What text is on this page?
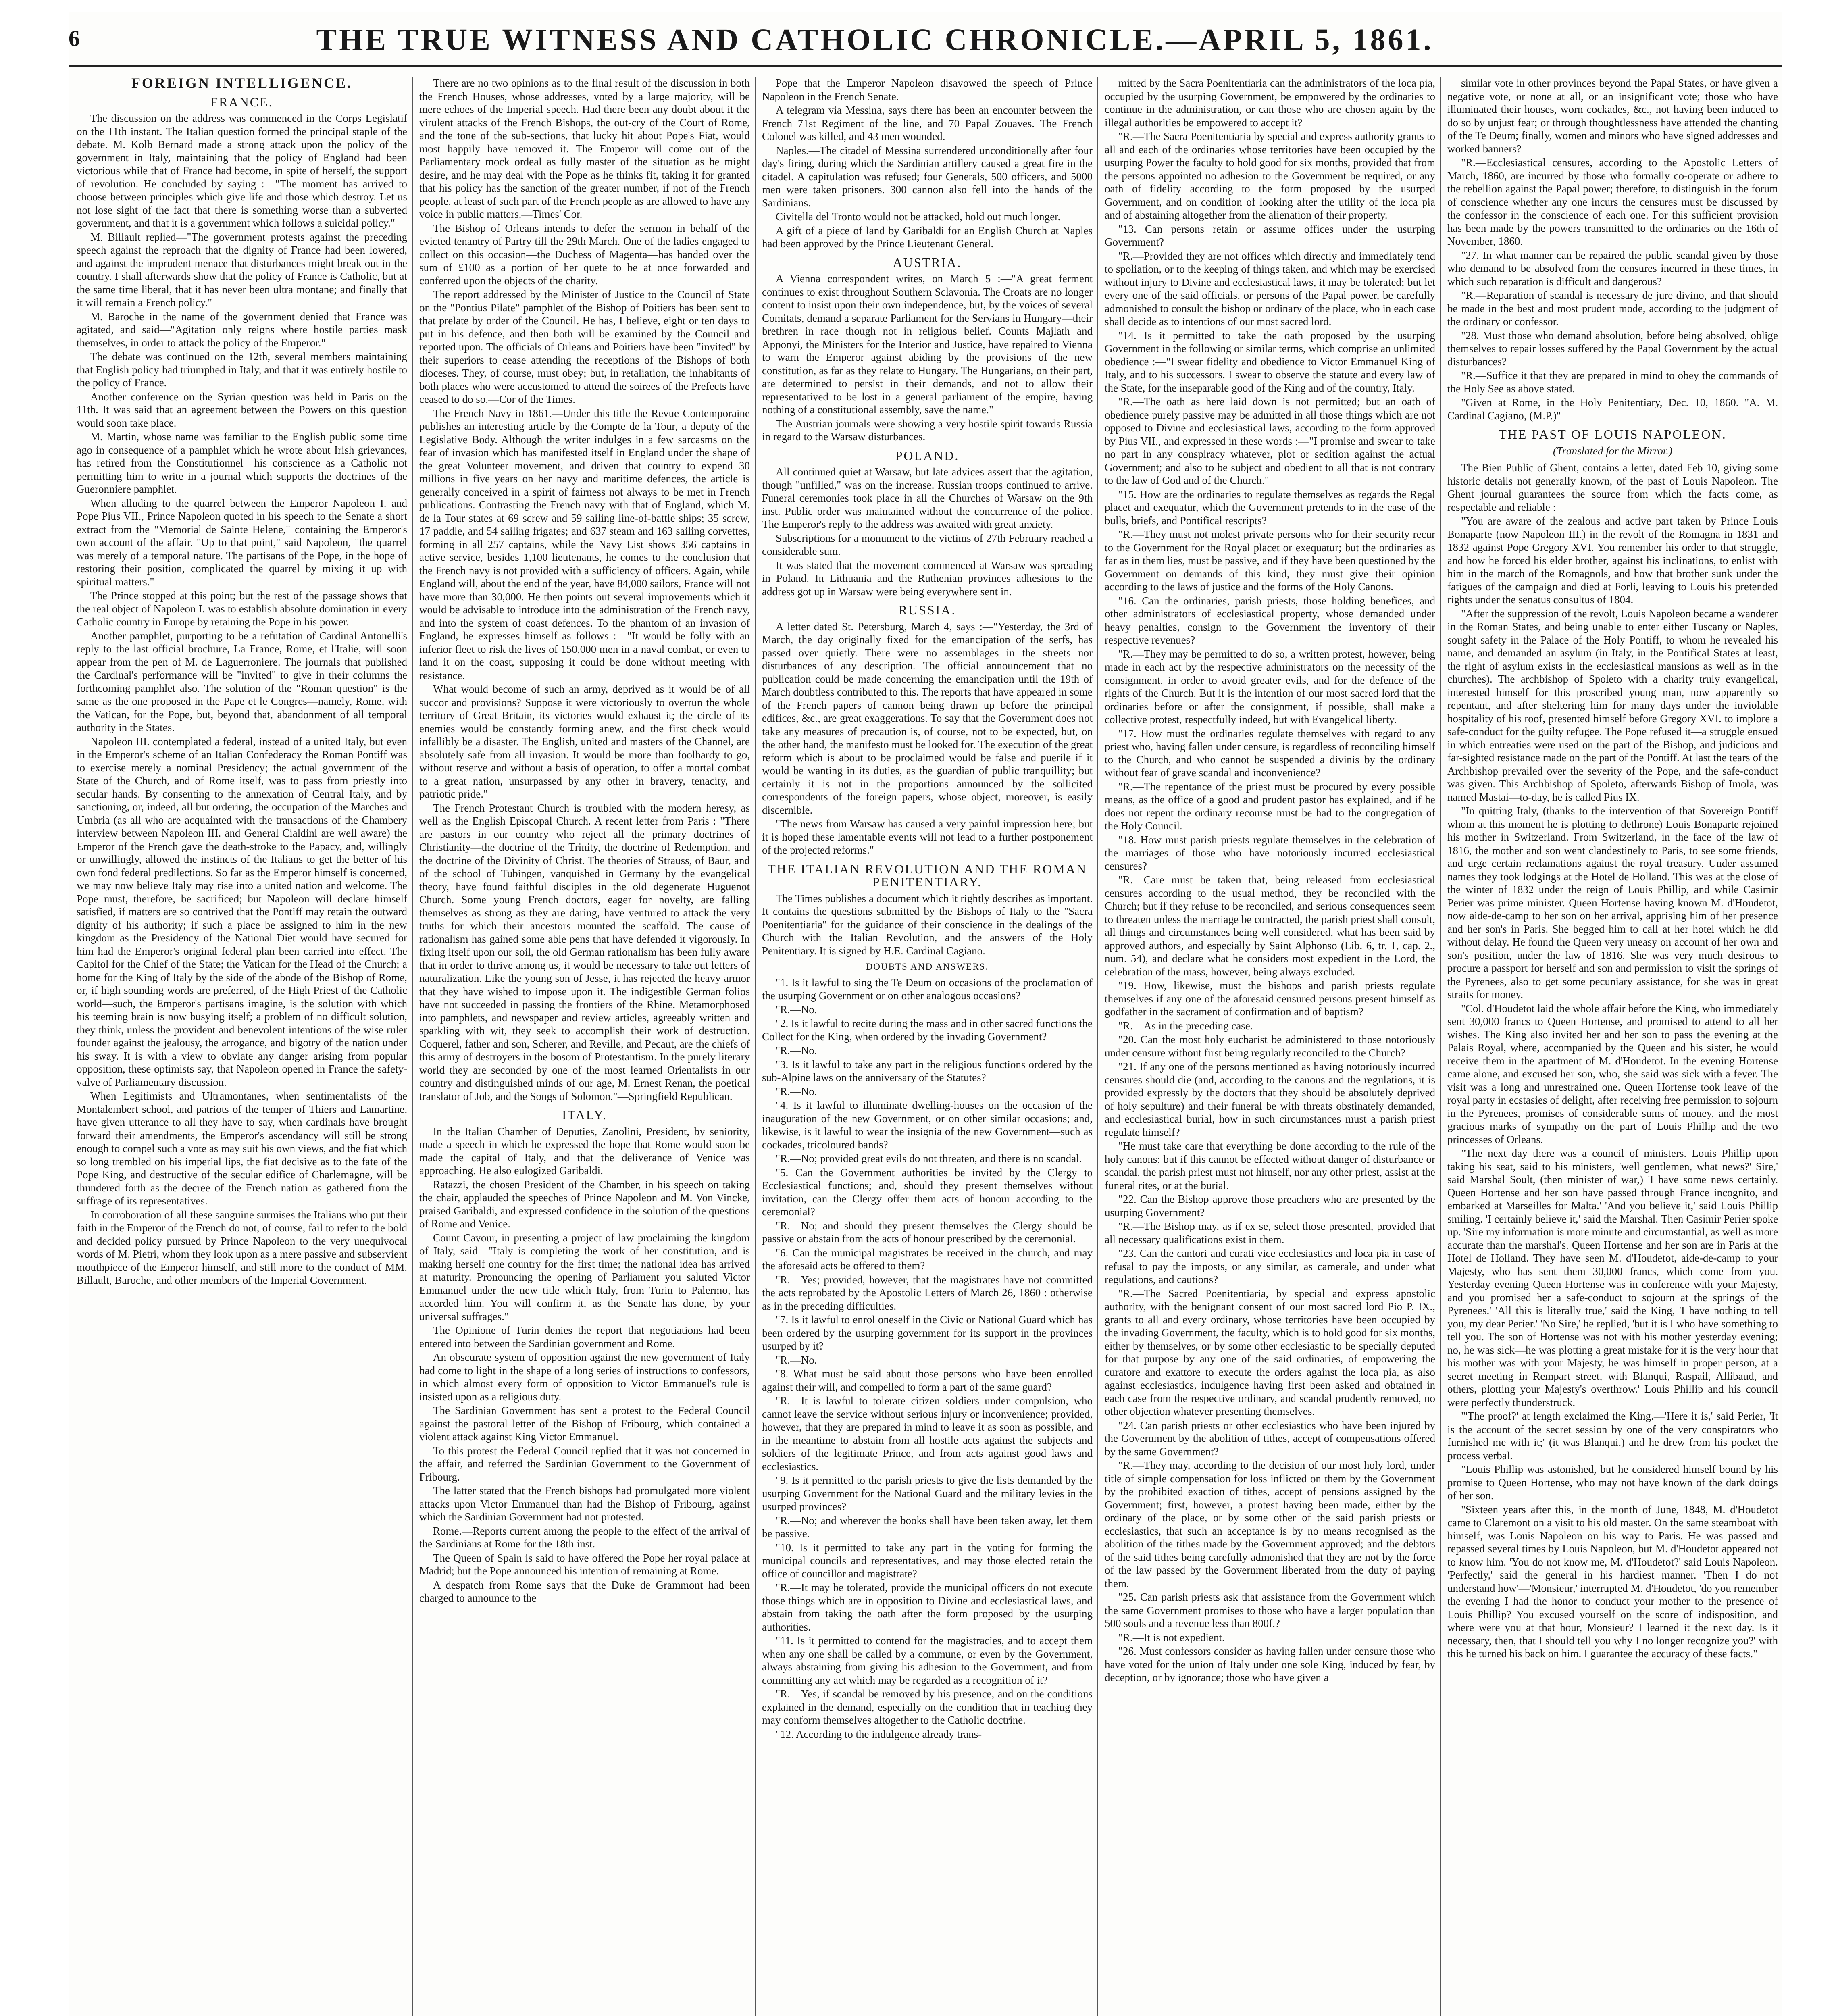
6	THE TRUE WITNESS AND CATHOLIC CHRONICLE.—APRIL 5, 1861.
FOREIGN INTELLIGENCE.
FRANCE.

The discussion on the address was commenced in the Corps Legislatif on the 11th instant. The Italian question formed the principal staple of the debate. M. Kolb Bernard made a strong attack upon the policy of the government in Italy, maintaining that the policy of England had been victorious while that of France had become, in spite of herself, the support of revolution. He concluded by saying :—"The moment has arrived to choose between principles which give life and those which destroy. Let us not lose sight of the fact that there is something worse than a subverted government, and that it is a government which follows a suicidal policy."

M. Billault replied—"The government protests against the preceding speech against the reproach that the dignity of France had been lowered, and against the imprudent menace that disturbances might break out in the country. I shall afterwards show that the policy of France is Catholic, but at the same time liberal, that it has never been ultra montane; and finally that it will remain a French policy."

M. Baroche in the name of the government denied that France was agitated, and said—"Agitation only reigns where hostile parties mask themselves, in order to attack the policy of the Emperor."

The debate was continued on the 12th, several members maintaining that English policy had triumphed in Italy, and that it was entirely hostile to the policy of France.

Another conference on the Syrian question was held in Paris on the 11th. It was said that an agreement between the Powers on this question would soon take place.

M. Martin, whose name was familiar to the English public some time ago in consequence of a pamphlet which he wrote about Irish grievances, has retired from the Constitutionnel—his conscience as a Catholic not permitting him to write in a journal which supports the doctrines of the Gueronniere pamphlet.

When alluding to the quarrel between the Emperor Napoleon I. and Pope Pius VII., Prince Napoleon quoted in his speech to the Senate a short extract from the "Memorial de Sainte Helene," containing the Emperor's own account of the affair. "Up to that point," said Napoleon, "the quarrel was merely of a temporal nature. The partisans of the Pope, in the hope of restoring their position, complicated the quarrel by mixing it up with spiritual matters."

The Prince stopped at this point; but the rest of the passage shows that the real object of Napoleon I. was to establish absolute domination in every Catholic country in Europe by retaining the Pope in his power.

Another pamphlet, purporting to be a refutation of Cardinal Antonelli's reply to the last official brochure, La France, Rome, et l'Italie, will soon appear from the pen of M. de Laguerroniere. The journals that published the Cardinal's performance will be "invited" to give in their columns the forthcoming pamphlet also. The solution of the "Roman question" is the same as the one proposed in the Pape et le Congres—namely, Rome, with the Vatican, for the Pope, but, beyond that, abandonment of all temporal authority in the States.

Napoleon III. contemplated a federal, instead of a united Italy, but even in the Emperor's scheme of an Italian Confederacy the Roman Pontiff was to exercise merely a nominal Presidency; the actual government of the State of the Church, and of Rome itself, was to pass from priestly into secular hands. By consenting to the annexation of Central Italy, and by sanctioning, or, indeed, all but ordering, the occupation of the Marches and Umbria (as all who are acquainted with the transactions of the Chambery interview between Napoleon III. and General Cialdini are well aware) the Emperor of the French gave the death-stroke to the Papacy, and, willingly or unwillingly, allowed the instincts of the Italians to get the better of his own fond federal predilections. So far as the Emperor himself is concerned, we may now believe Italy may rise into a united nation and welcome. The Pope must, therefore, be sacrificed; but Napoleon will declare himself satisfied, if matters are so contrived that the Pontiff may retain the outward dignity of his authority; if such a place be assigned to him in the new kingdom as the Presidency of the National Diet would have secured for him had the Emperor's original federal plan been carried into effect. The Capitol for the Chief of the State; the Vatican for the Head of the Church; a home for the King of Italy by the side of the abode of the Bishop of Rome, or, if high sounding words are preferred, of the High Priest of the Catholic world—such, the Emperor's partisans imagine, is the solution with which his teeming brain is now busying itself; a problem of no difficult solution, they think, unless the provident and benevolent intentions of the wise ruler founder against the jealousy, the arrogance, and bigotry of the nation under his sway. It is with a view to obviate any danger arising from popular opposition, these optimists say, that Napoleon opened in France the safety-valve of Parliamentary discussion.

When Legitimists and Ultramontanes, when sentimentalists of the Montalembert school, and patriots of the temper of Thiers and Lamartine, have given utterance to all they have to say, when cardinals have brought forward their amendments, the Emperor's ascendancy will still be strong enough to compel such a vote as may suit his own views, and the fiat which so long trembled on his imperial lips, the fiat decisive as to the fate of the Pope King, and destructive of the secular edifice of Charlemagne, will be thundered forth as the decree of the French nation as gathered from the suffrage of its representatives.

In corroboration of all these sanguine surmises the Italians who put their faith in the Emperor of the French do not, of course, fail to refer to the bold and decided policy pursued by Prince Napoleon to the very unequivocal words of M. Pietri, whom they look upon as a mere passive and subservient mouthpiece of the Emperor himself, and still more to the conduct of MM. Billault, Baroche, and other members of the Imperial Government.

There are no two opinions as to the final result of the discussion in both the French Houses, whose addresses, voted by a large majority, will be mere echoes of the Imperial speech. Had there been any doubt about it the virulent attacks of the French Bishops, the out-cry of the Court of Rome, and the tone of the sub-sections, that lucky hit about Pope's Fiat, would most happily have removed it. The Emperor will come out of the Parliamentary mock ordeal as fully master of the situation as he might desire, and he may deal with the Pope as he thinks fit, taking it for granted that his policy has the sanction of the greater number, if not of the French people, at least of such part of the French people as are allowed to have any voice in public matters.—Times' Cor.

The Bishop of Orleans intends to defer the sermon in behalf of the evicted tenantry of Partry till the 29th March. One of the ladies engaged to collect on this occasion—the Duchess of Magenta—has handed over the sum of £100 as a portion of her quete to be at once forwarded and conferred upon the objects of the charity.

The report addressed by the Minister of Justice to the Council of State on the "Pontius Pilate" pamphlet of the Bishop of Poitiers has been sent to that prelate by order of the Council. He has, I believe, eight or ten days to put in his defence, and then both will be examined by the Council and reported upon. The officials of Orleans and Poitiers have been "invited" by their superiors to cease attending the receptions of the Bishops of both dioceses. They, of course, must obey; but, in retaliation, the inhabitants of both places who were accustomed to attend the soirees of the Prefects have ceased to do so.—Cor of the Times.

The French Navy in 1861.—Under this title the Revue Contemporaine publishes an interesting article by the Compte de la Tour, a deputy of the Legislative Body. Although the writer indulges in a few sarcasms on the fear of invasion which has manifested itself in England under the shape of the great Volunteer movement, and driven that country to expend 30 millions in five years on her navy and maritime defences, the article is generally conceived in a spirit of fairness not always to be met in French publications. Contrasting the French navy with that of England, which M. de la Tour states at 69 screw and 59 sailing line-of-battle ships; 35 screw, 17 paddle, and 54 sailing frigates; and 637 steam and 163 sailing corvettes, forming in all 257 captains, while the Navy List shows 356 captains in active service, besides 1,100 lieutenants, he comes to the conclusion that the French navy is not provided with a sufficiency of officers. Again, while England will, about the end of the year, have 84,000 sailors, France will not have more than 30,000. He then points out several improvements which it would be advisable to introduce into the administration of the French navy, and into the system of coast defences. To the phantom of an invasion of England, he expresses himself as follows :—"It would be folly with an inferior fleet to risk the lives of 150,000 men in a naval combat, or even to land it on the coast, supposing it could be done without meeting with resistance.

What would become of such an army, deprived as it would be of all succor and provisions? Suppose it were victoriously to overrun the whole territory of Great Britain, its victories would exhaust it; the circle of its enemies would be constantly forming anew, and the first check would infallibly be a disaster. The English, united and masters of the Channel, are absolutely safe from all invasion. It would be more than foolhardy to go, without reserve and without a basis of operation, to offer a mortal combat to a great nation, unsurpassed by any other in bravery, tenacity, and patriotic pride."

The French Protestant Church is troubled with the modern heresy, as well as the English Episcopal Church. A recent letter from Paris : "There are pastors in our country who reject all the primary doctrines of Christianity—the doctrine of the Trinity, the doctrine of Redemption, and the doctrine of the Divinity of Christ. The theories of Strauss, of Baur, and of the school of Tubingen, vanquished in Germany by the evangelical theory, have found faithful disciples in the old degenerate Huguenot Church. Some young French doctors, eager for novelty, are falling themselves as strong as they are daring, have ventured to attack the very truths for which their ancestors mounted the scaffold. The cause of rationalism has gained some able pens that have defended it vigorously. In fixing itself upon our soil, the old German rationalism has been fully aware that in order to thrive among us, it would be necessary to take out letters of naturalization. Like the young son of Jesse, it has rejected the heavy armor that they have wished to impose upon it. The indigestible German folios have not succeeded in passing the frontiers of the Rhine. Metamorphosed into pamphlets, and newspaper and review articles, agreeably written and sparkling with wit, they seek to accomplish their work of destruction. Coquerel, father and son, Scherer, and Reville, and Pecaut, are the chiefs of this army of destroyers in the bosom of Protestantism. In the purely literary world they are seconded by one of the most learned Orientalists in our country and distinguished minds of our age, M. Ernest Renan, the poetical translator of Job, and the Songs of Solomon."—Springfield Republican.

ITALY.

In the Italian Chamber of Deputies, Zanolini, President, by seniority, made a speech in which he expressed the hope that Rome would soon be made the capital of Italy, and that the deliverance of Venice was approaching. He also eulogized Garibaldi.

Ratazzi, the chosen President of the Chamber, in his speech on taking the chair, applauded the speeches of Prince Napoleon and M. Von Vincke, praised Garibaldi, and expressed confidence in the solution of the questions of Rome and Venice.

Count Cavour, in presenting a project of law proclaiming the kingdom of Italy, said—"Italy is completing the work of her constitution, and is making herself one country for the first time; the national idea has arrived at maturity. Pronouncing the opening of Parliament you saluted Victor Emmanuel under the new title which Italy, from Turin to Palermo, has accorded him. You will confirm it, as the Senate has done, by your universal suffrages."

The Opinione of Turin denies the report that negotiations had been entered into between the Sardinian government and Rome.

An obscurate system of opposition against the new government of Italy had come to light in the shape of a long series of instructions to confessors, in which almost every form of opposition to Victor Emmanuel's rule is insisted upon as a religious duty.

The Sardinian Government has sent a protest to the Federal Council against the pastoral letter of the Bishop of Fribourg, which contained a violent attack against King Victor Emmanuel.

To this protest the Federal Council replied that it was not concerned in the affair, and referred the Sardinian Government to the Government of Fribourg.

The latter stated that the French bishops had promulgated more violent attacks upon Victor Emmanuel than had the Bishop of Fribourg, against which the Sardinian Government had not protested.

Rome.—Reports current among the people to the effect of the arrival of the Sardinians at Rome for the 18th inst.

The Queen of Spain is said to have offered the Pope her royal palace at Madrid; but the Pope announced his intention of remaining at Rome.

A despatch from Rome says that the Duke de Grammont had been charged to announce to the

Pope that the Emperor Napoleon disavowed the speech of Prince Napoleon in the French Senate.

A telegram via Messina, says there has been an encounter between the French 71st Regiment of the line, and 70 Papal Zouaves. The French Colonel was killed, and 43 men wounded.

Naples.—The citadel of Messina surrendered unconditionally after four day's firing, during which the Sardinian artillery caused a great fire in the citadel. A capitulation was refused; four Generals, 500 officers, and 5000 men were taken prisoners. 300 cannon also fell into the hands of the Sardinians.

Civitella del Tronto would not be attacked, hold out much longer.

A gift of a piece of land by Garibaldi for an English Church at Naples had been approved by the Prince Lieutenant General.

AUSTRIA.

A Vienna correspondent writes, on March 5 :—"A great ferment continues to exist throughout Southern Sclavonia. The Croats are no longer content to insist upon their own independence, but, by the voices of several Comitats, demand a separate Parliament for the Servians in Hungary—their brethren in race though not in religious belief. Counts Majlath and Apponyi, the Ministers for the Interior and Justice, have repaired to Vienna to warn the Emperor against abiding by the provisions of the new constitution, as far as they relate to Hungary. The Hungarians, on their part, are determined to persist in their demands, and not to allow their representatived to be lost in a general parliament of the empire, having nothing of a constitutional assembly, save the name."

The Austrian journals were showing a very hostile spirit towards Russia in regard to the Warsaw disturbances.

POLAND.

All continued quiet at Warsaw, but late advices assert that the agitation, though "unfilled," was on the increase. Russian troops continued to arrive. Funeral ceremonies took place in all the Churches of Warsaw on the 9th inst. Public order was maintained without the concurrence of the police. The Emperor's reply to the address was awaited with great anxiety.

Subscriptions for a monument to the victims of 27th February reached a considerable sum.

It was stated that the movement commenced at Warsaw was spreading in Poland. In Lithuania and the Ruthenian provinces adhesions to the address got up in Warsaw were being everywhere sent in.

RUSSIA.

A letter dated St. Petersburg, March 4, says :—"Yesterday, the 3rd of March, the day originally fixed for the emancipation of the serfs, has passed over quietly. There were no assemblages in the streets nor disturbances of any description. The official announcement that no publication could be made concerning the emancipation until the 19th of March doubtless contributed to this. The reports that have appeared in some of the French papers of cannon being drawn up before the principal edifices, &c., are great exaggerations. To say that the Government does not take any measures of precaution is, of course, not to be expected, but, on the other hand, the manifesto must be looked for. The execution of the great reform which is about to be proclaimed would be false and puerile if it would be wanting in its duties, as the guardian of public tranquillity; but certainly it is not in the proportions announced by the sollicited correspondents of the foreign papers, whose object, moreover, is easily discernible.

"The news from Warsaw has caused a very painful impression here; but it is hoped these lamentable events will not lead to a further postponement of the projected reforms."

THE ITALIAN REVOLUTION AND THE ROMAN PENITENTIARY.

The Times publishes a document which it rightly describes as important. It contains the questions submitted by the Bishops of Italy to the "Sacra Poenitentiaria" for the guidance of their conscience in the dealings of the Church with the Italian Revolution, and the answers of the Holy Penitentiary. It is signed by H.E. Cardinal Cagiano.

DOUBTS AND ANSWERS.

"1. Is it lawful to sing the Te Deum on occasions of the proclamation of the usurping Government or on other analogous occasions?

"R.—No.

"2. Is it lawful to recite during the mass and in other sacred functions the Collect for the King, when ordered by the invading Government?

"R.—No.

"3. Is it lawful to take any part in the religious functions ordered by the sub-Alpine laws on the anniversary of the Statutes?

"R.—No.

"4. Is it lawful to illuminate dwelling-houses on the occasion of the inauguration of the new Government, or on other similar occasions; and, likewise, is it lawful to wear the insignia of the new Government—such as cockades, tricoloured bands?

"R.—No; provided great evils do not threaten, and there is no scandal.

"5. Can the Government authorities be invited by the Clergy to Ecclesiastical functions; and, should they present themselves without invitation, can the Clergy offer them acts of honour according to the ceremonial?

"R.—No; and should they present themselves the Clergy should be passive or abstain from the acts of honour prescribed by the ceremonial.

"6. Can the municipal magistrates be received in the church, and may the aforesaid acts be offered to them?

"R.—Yes; provided, however, that the magistrates have not committed the acts reprobated by the Apostolic Letters of March 26, 1860 : otherwise as in the preceding difficulties.

"7. Is it lawful to enrol oneself in the Civic or National Guard which has been ordered by the usurping government for its support in the provinces usurped by it?

"R.—No.

"8. What must be said about those persons who have been enrolled against their will, and compelled to form a part of the same guard?

"R.—It is lawful to tolerate citizen soldiers under compulsion, who cannot leave the service without serious injury or inconvenience; provided, however, that they are prepared in mind to leave it as soon as possible, and in the meantime to abstain from all hostile acts against the subjects and soldiers of the legitimate Prince, and from acts against good laws and ecclesiastics.

"9. Is it permitted to the parish priests to give the lists demanded by the usurping Government for the National Guard and the military levies in the usurped provinces?

"R.—No; and wherever the books shall have been taken away, let them be passive.

"10. Is it permitted to take any part in the voting for forming the municipal councils and representatives, and may those elected retain the office of councillor and magistrate?

"R.—It may be tolerated, provide the municipal officers do not execute those things which are in opposition to Divine and ecclesiastical laws, and abstain from taking the oath after the form proposed by the usurping authorities.

"11. Is it permitted to contend for the magistracies, and to accept them when any one shall be called by a commune, or even by the Government, always abstaining from giving his adhesion to the Government, and from committing any act which may be regarded as a recognition of it?

"R.—Yes, if scandal be removed by his presence, and on the conditions explained in the demand, especially on the condition that in teaching they may conform themselves altogether to the Catholic doctrine.

"12. According to the indulgence already trans-

mitted by the Sacra Poenitentiaria can the administrators of the loca pia, occupied by the usurping Government, be empowered by the ordinaries to continue in the administration, or can those who are chosen again by the illegal authorities be empowered to accept it?

"R.—The Sacra Poenitentiaria by special and express authority grants to all and each of the ordinaries whose territories have been occupied by the usurping Power the faculty to hold good for six months, provided that from the persons appointed no adhesion to the Government be required, or any oath of fidelity according to the form proposed by the usurped Government, and on condition of looking after the utility of the loca pia and of abstaining altogether from the alienation of their property.

"13. Can persons retain or assume offices under the usurping Government?

"R.—Provided they are not offices which directly and immediately tend to spoliation, or to the keeping of things taken, and which may be exercised without injury to Divine and ecclesiastical laws, it may be tolerated; but let every one of the said officials, or persons of the Papal power, be carefully admonished to consult the bishop or ordinary of the place, who in each case shall decide as to intentions of our most sacred lord.

"14. Is it permitted to take the oath proposed by the usurping Government in the following or similar terms, which comprise an unlimited obedience :—"I swear fidelity and obedience to Victor Emmanuel King of Italy, and to his successors. I swear to observe the statute and every law of the State, for the inseparable good of the King and of the country, Italy.

"R.—The oath as here laid down is not permitted; but an oath of obedience purely passive may be admitted in all those things which are not opposed to Divine and ecclesiastical laws, according to the form approved by Pius VII., and expressed in these words :—"I promise and swear to take no part in any conspiracy whatever, plot or sedition against the actual Government; and also to be subject and obedient to all that is not contrary to the law of God and of the Church."

"15. How are the ordinaries to regulate themselves as regards the Regal placet and exequatur, which the Government pretends to in the case of the bulls, briefs, and Pontifical rescripts?

"R.—They must not molest private persons who for their security recur to the Government for the Royal placet or exequatur; but the ordinaries as far as in them lies, must be passive, and if they have been questioned by the Government on demands of this kind, they must give their opinion according to the laws of justice and the forms of the Holy Canons.

"16. Can the ordinaries, parish priests, those holding benefices, and other administrators of ecclesiastical property, whose demanded under heavy penalties, consign to the Government the inventory of their respective revenues?

"R.—They may be permitted to do so, a written protest, however, being made in each act by the respective administrators on the necessity of the consignment, in order to avoid greater evils, and for the defence of the rights of the Church. But it is the intention of our most sacred lord that the ordinaries before or after the consignment, if possible, shall make a collective protest, respectfully indeed, but with Evangelical liberty.

"17. How must the ordinaries regulate themselves with regard to any priest who, having fallen under censure, is regardless of reconciling himself to the Church, and who cannot be suspended a divinis by the ordinary without fear of grave scandal and inconvenience?

"R.—The repentance of the priest must be procured by every possible means, as the office of a good and prudent pastor has explained, and if he does not repent the ordinary recourse must be had to the congregation of the Holy Council.

"18. How must parish priests regulate themselves in the celebration of the marriages of those who have notoriously incurred ecclesiastical censures?

"R.—Care must be taken that, being released from ecclesiastical censures according to the usual method, they be reconciled with the Church; but if they refuse to be reconciled, and serious consequences seem to threaten unless the marriage be contracted, the parish priest shall consult, all things and circumstances being well considered, what has been said by approved authors, and especially by Saint Alphonso (Lib. 6, tr. 1, cap. 2., num. 54), and declare what he considers most expedient in the Lord, the celebration of the mass, however, being always excluded.

"19. How, likewise, must the bishops and parish priests regulate themselves if any one of the aforesaid censured persons present himself as godfather in the sacrament of confirmation and of baptism?

"R.—As in the preceding case.

"20. Can the most holy eucharist be administered to those notoriously under censure without first being regularly reconciled to the Church?

"21. If any one of the persons mentioned as having notoriously incurred censures should die (and, according to the canons and the regulations, it is provided expressly by the doctors that they should be absolutely deprived of holy sepulture) and their funeral be with threats obstinately demanded, and ecclesiastical burial, how in such circumstances must a parish priest regulate himself?

"He must take care that everything be done according to the rule of the holy canons; but if this cannot be effected without danger of disturbance or scandal, the parish priest must not himself, nor any other priest, assist at the funeral rites, or at the burial.

"22. Can the Bishop approve those preachers who are presented by the usurping Government?

"R.—The Bishop may, as if ex se, select those presented, provided that all necessary qualifications exist in them.

"23. Can the cantori and curati vice ecclesiastics and loca pia in case of refusal to pay the imposts, or any similar, as camerale, and under what regulations, and cautions?

"R.—The Sacred Poenitentiaria, by special and express apostolic authority, with the benignant consent of our most sacred lord Pio P. IX., grants to all and every ordinary, whose territories have been occupied by the invading Government, the faculty, which is to hold good for six months, either by themselves, or by some other ecclesiastic to be specially deputed for that purpose by any one of the said ordinaries, of empowering the curatore and exattore to execute the orders against the loca pia, as also against ecclesiastics, indulgence having first been asked and obtained in each case from the respective ordinary, and scandal prudently removed, no other objection whatever presenting themselves.

"24. Can parish priests or other ecclesiastics who have been injured by the Government by the abolition of tithes, accept of compensations offered by the same Government?

"R.—They may, according to the decision of our most holy lord, under title of simple compensation for loss inflicted on them by the Government by the prohibited exaction of tithes, accept of pensions assigned by the Government; first, however, a protest having been made, either by the ordinary of the place, or by some other of the said parish priests or ecclesiastics, that such an acceptance is by no means recognised as the abolition of the tithes made by the Government approved; and the debtors of the said tithes being carefully admonished that they are not by the force of the law passed by the Government liberated from the duty of paying them.

"25. Can parish priests ask that assistance from the Government which the same Government promises to those who have a larger population than 500 souls and a revenue less than 800f.?

"R.—It is not expedient.

"26. Must confessors consider as having fallen under censure those who have voted for the union of Italy under one sole King, induced by fear, by deception, or by ignorance; those who have given a

similar vote in other provinces beyond the Papal States, or have given a negative vote, or none at all, or an insignificant vote; those who have illuminated their houses, worn cockades, &c., not having been induced to do so by unjust fear; or through thoughtlessness have attended the chanting of the Te Deum; finally, women and minors who have signed addresses and worked banners?

"R.—Ecclesiastical censures, according to the Apostolic Letters of March, 1860, are incurred by those who formally co-operate or adhere to the rebellion against the Papal power; therefore, to distinguish in the forum of conscience whether any one incurs the censures must be discussed by the confessor in the conscience of each one. For this sufficient provision has been made by the powers transmitted to the ordinaries on the 16th of November, 1860.

"27. In what manner can be repaired the public scandal given by those who demand to be absolved from the censures incurred in these times, in which such reparation is difficult and dangerous?

"R.—Reparation of scandal is necessary de jure divino, and that should be made in the best and most prudent mode, according to the judgment of the ordinary or confessor.

"28. Must those who demand absolution, before being absolved, oblige themselves to repair losses suffered by the Papal Government by the actual disturbances?

"R.—Suffice it that they are prepared in mind to obey the commands of the Holy See as above stated.

"Given at Rome, in the Holy Penitentiary, Dec. 10, 1860. "A. M. Cardinal Cagiano, (M.P.)"

THE PAST OF LOUIS NAPOLEON.
(Translated for the Mirror.)

The Bien Public of Ghent, contains a letter, dated Feb 10, giving some historic details not generally known, of the past of Louis Napoleon. The Ghent journal guarantees the source from which the facts come, as respectable and reliable :

"You are aware of the zealous and active part taken by Prince Louis Bonaparte (now Napoleon III.) in the revolt of the Romagna in 1831 and 1832 against Pope Gregory XVI. You remember his order to that struggle, and how he forced his elder brother, against his inclinations, to enlist with him in the march of the Romagnols, and how that brother sunk under the fatigues of the campaign and died at Forli, leaving to Louis his pretended rights under the senatus consultus of 1804.

"After the suppression of the revolt, Louis Napoleon became a wanderer in the Roman States, and being unable to enter either Tuscany or Naples, sought safety in the Palace of the Holy Pontiff, to whom he revealed his name, and demanded an asylum (in Italy, in the Pontifical States at least, the right of asylum exists in the ecclesiastical mansions as well as in the churches). The archbishop of Spoleto with a charity truly evangelical, interested himself for this proscribed young man, now apparently so repentant, and after sheltering him for many days under the inviolable hospitality of his roof, presented himself before Gregory XVI. to implore a safe-conduct for the guilty refugee. The Pope refused it—a struggle ensued in which entreaties were used on the part of the Bishop, and judicious and far-sighted resistance made on the part of the Pontiff. At last the tears of the Archbishop prevailed over the severity of the Pope, and the safe-conduct was given. This Archbishop of Spoleto, afterwards Bishop of Imola, was named Mastai—to-day, he is called Pius IX.

"In quitting Italy, (thanks to the intervention of that Sovereign Pontiff whom at this moment he is plotting to dethrone) Louis Bonaparte rejoined his mother in Switzerland. From Switzerland, in the face of the law of 1816, the mother and son went clandestinely to Paris, to see some friends, and urge certain reclamations against the royal treasury. Under assumed names they took lodgings at the Hotel de Holland. This was at the close of the winter of 1832 under the reign of Louis Phillip, and while Casimir Perier was prime minister. Queen Hortense having known M. d'Houdetot, now aide-de-camp to her son on her arrival, apprising him of her presence and her son's in Paris. She begged him to call at her hotel which he did without delay. He found the Queen very uneasy on account of her own and son's position, under the law of 1816. She was very much desirous to procure a passport for herself and son and permission to visit the springs of the Pyrenees, also to get some pecuniary assistance, for she was in great straits for money.

"Col. d'Houdetot laid the whole affair before the King, who immediately sent 30,000 francs to Queen Hortense, and promised to attend to all her wishes. The King also invited her and her son to pass the evening at the Palais Royal, where, accompanied by the Queen and his sister, he would receive them in the apartment of M. d'Houdetot. In the evening Hortense came alone, and excused her son, who, she said was sick with a fever. The visit was a long and unrestrained one. Queen Hortense took leave of the royal party in ecstasies of delight, after receiving free permission to sojourn in the Pyrenees, promises of considerable sums of money, and the most gracious marks of sympathy on the part of Louis Phillip and the two princesses of Orleans.

"The next day there was a council of ministers. Louis Phillip upon taking his seat, said to his ministers, 'well gentlemen, what news?' Sire,' said Marshal Soult, (then minister of war,) 'I have some news certainly. Queen Hortense and her son have passed through France incognito, and embarked at Marseilles for Malta.' 'And you believe it,' said Louis Phillip smiling. 'I certainly believe it,' said the Marshal. Then Casimir Perier spoke up. 'Sire my information is more minute and circumstantial, as well as more accurate than the marshal's. Queen Hortense and her son are in Paris at the Hotel de Holland. They have seen M. d'Houdetot, aide-de-camp to your Majesty, who has sent them 30,000 francs, which come from you. Yesterday evening Queen Hortense was in conference with your Majesty, and you promised her a safe-conduct to sojourn at the springs of the Pyrenees.' 'All this is literally true,' said the King, 'I have nothing to tell you, my dear Perier.' 'No Sire,' he replied, 'but it is I who have something to tell you. The son of Hortense was not with his mother yesterday evening; no, he was sick—he was plotting a great mistake for it is the very hour that his mother was with your Majesty, he was himself in proper person, at a secret meeting in Rempart street, with Blanqui, Raspail, Allibaud, and others, plotting your Majesty's overthrow.' Louis Phillip and his council were perfectly thunderstruck.

"'The proof?' at length exclaimed the King.—'Here it is,' said Perier, 'It is the account of the secret session by one of the very conspirators who furnished me with it;' (it was Blanqui,) and he drew from his pocket the process verbal.

"Louis Phillip was astonished, but he considered himself bound by his promise to Queen Hortense, who may not have known of the dark doings of her son.

"Sixteen years after this, in the month of June, 1848, M. d'Houdetot came to Claremont on a visit to his old master. On the same steamboat with himself, was Louis Napoleon on his way to Paris. He was passed and repassed several times by Louis Napoleon, but M. d'Houdetot appeared not to know him. 'You do not know me, M. d'Houdetot?' said Louis Napoleon. 'Perfectly,' said the general in his hardiest manner. 'Then I do not understand how'—'Monsieur,' interrupted M. d'Houdetot, 'do you remember the evening I had the honor to conduct your mother to the presence of Louis Phillip? You excused yourself on the score of indisposition, and where were you at that hour, Monsieur? I learned it the next day. Is it necessary, then, that I should tell you why I no longer recognize you?' with this he turned his back on him. I guarantee the accuracy of these facts."
